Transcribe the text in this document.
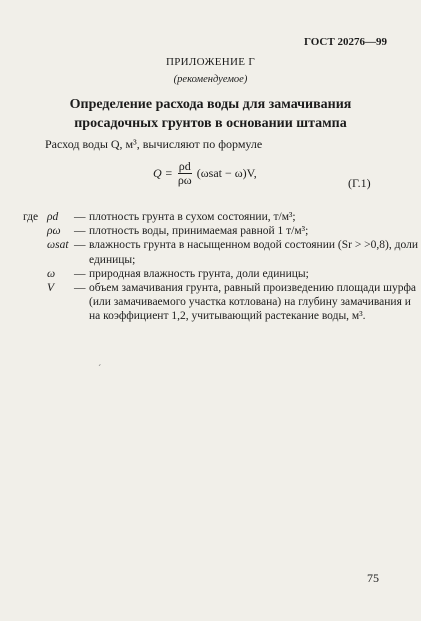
ГОСТ 20276—99
ПРИЛОЖЕНИЕ Г
(рекомендуемое)
Определение расхода воды для замачивания
просадочных грунтов в основании штампа
Расход воды Q, м³, вычисляют по формуле
$Q = \frac{\rho d}{\rho\omega} (\omega sat - \omega)V$,
(Г.1)
где	ρd	—	плотность грунта в сухом состоянии, т/м³;
	ρω	—	плотность воды, принимаемая равной 1 т/м³;
	ωsat	—	влажность грунта в насыщенном водой состоянии (Sr > >0,8), доли единицы;
	ω	—	природная влажность грунта, доли единицы;
	V	—	объем замачивания грунта, равный произведению площади шурфа (или замачиваемого участка котлована) на глубину замачивания и на коэффициент 1,2, учитывающий растекание воды, м³.
ˊ
75
